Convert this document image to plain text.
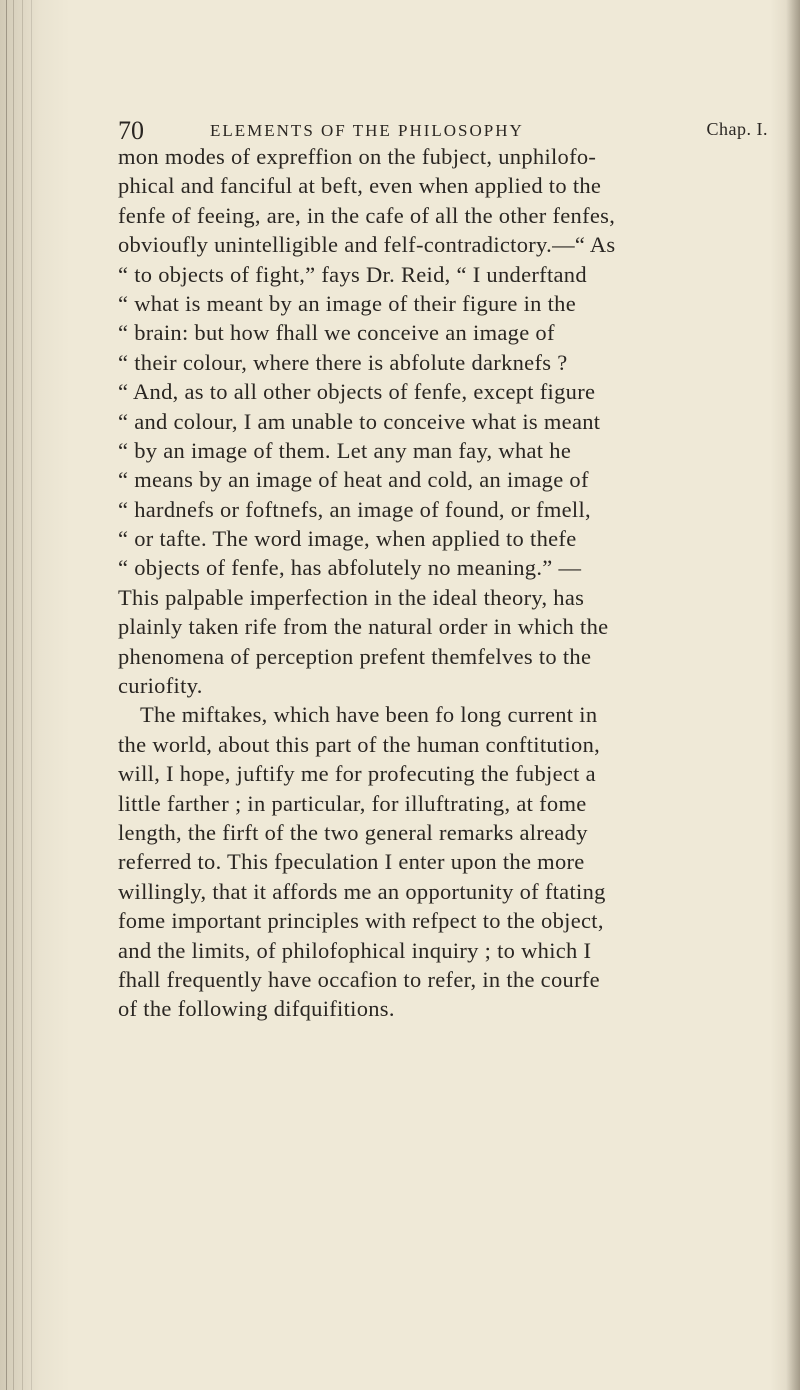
70	ELEMENTS OF THE PHILOSOPHY	Chap. I.
mon modes of expreffion on the fubject, unphilofo-
phical and fanciful at beft, even when applied to the
fenfe of feeing, are, in the cafe of all the other fenfes,
obvioufly unintelligible and felf-contradictory.—“ As
“ to objects of fight,” fays Dr. Reid, “ I underftand
“ what is meant by an image of their figure in the
“ brain: but how fhall we conceive an image of
“ their colour, where there is abfolute darknefs ?
“ And, as to all other objects of fenfe, except figure
“ and colour, I am unable to conceive what is meant
“ by an image of them. Let any man fay, what he
“ means by an image of heat and cold, an image of
“ hardnefs or foftnefs, an image of found, or fmell,
“ or tafte. The word image, when applied to thefe
“ objects of fenfe, has abfolutely no meaning.” —
This palpable imperfection in the ideal theory, has
plainly taken rife from the natural order in which the
phenomena of perception prefent themfelves to the
curiofity.
The miftakes, which have been fo long current in
the world, about this part of the human conftitution,
will, I hope, juftify me for profecuting the fubject a
little farther ; in particular, for illuftrating, at fome
length, the firft of the two general remarks already
referred to. This fpeculation I enter upon the more
willingly, that it affords me an opportunity of ftating
fome important principles with refpect to the object,
and the limits, of philofophical inquiry ; to which I
fhall frequently have occafion to refer, in the courfe
of the following difquifitions.
